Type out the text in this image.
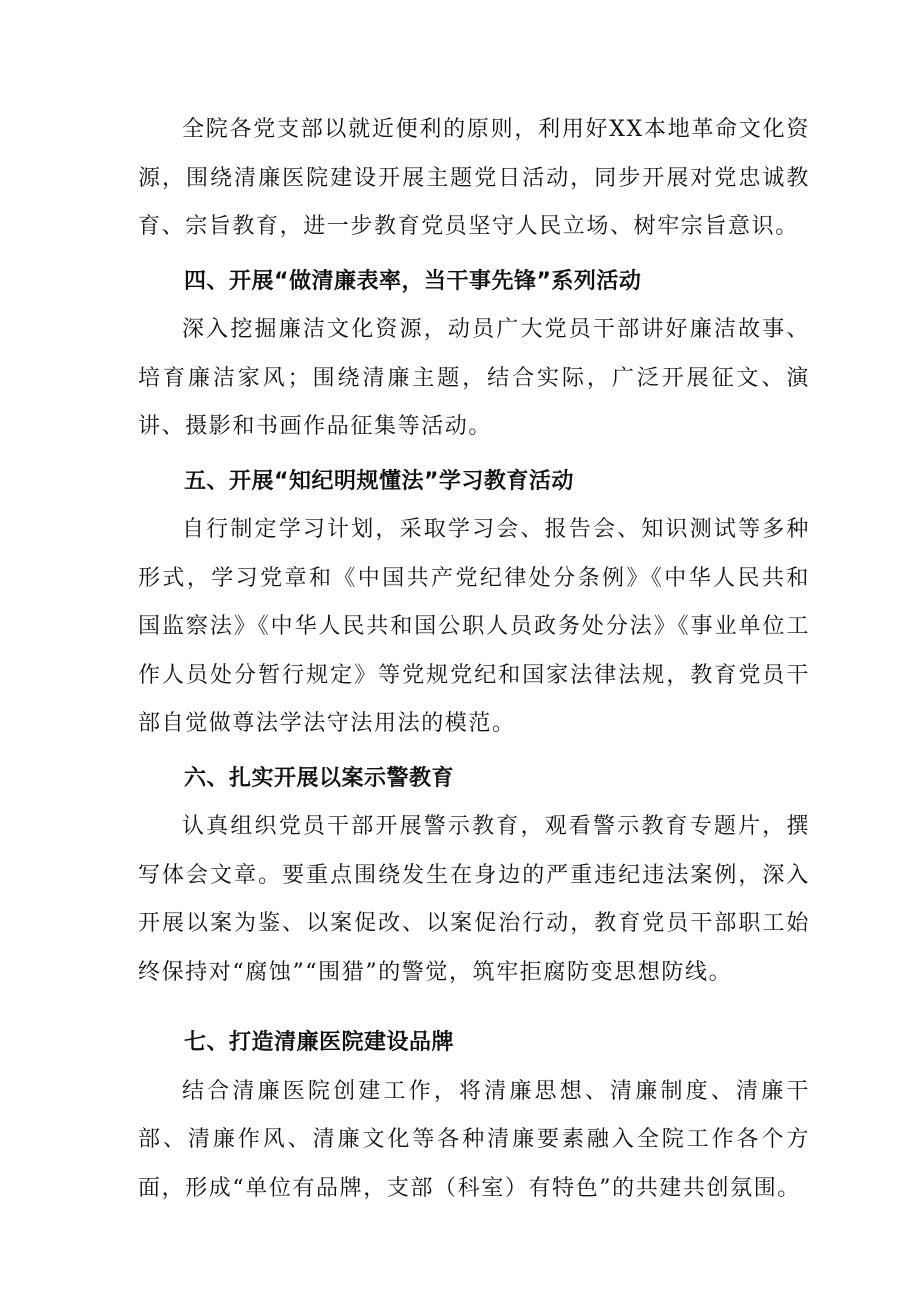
全院各党支部以就近便利的原则，利用好XX本地革命文化资源，围绕清廉医院建设开展主题党日活动，同步开展对党忠诚教育、宗旨教育，进一步教育党员坚守人民立场、树牢宗旨意识。

四、开展“做清廉表率，当干事先锋”系列活动

深入挖掘廉洁文化资源，动员广大党员干部讲好廉洁故事、培育廉洁家风；围绕清廉主题，结合实际，广泛开展征文、演讲、摄影和书画作品征集等活动。

五、开展“知纪明规懂法”学习教育活动

自行制定学习计划，采取学习会、报告会、知识测试等多种形式，学习党章和《中国共产党纪律处分条例》《中华人民共和国监察法》《中华人民共和国公职人员政务处分法》《事业单位工作人员处分暂行规定》等党规党纪和国家法律法规，教育党员干部自觉做尊法学法守法用法的模范。

六、扎实开展以案示警教育

认真组织党员干部开展警示教育，观看警示教育专题片，撰写体会文章。要重点围绕发生在身边的严重违纪违法案例，深入开展以案为鉴、以案促改、以案促治行动，教育党员干部职工始终保持对“腐蚀”“围猎”的警觉，筑牢拒腐防变思想防线。

七、打造清廉医院建设品牌

结合清廉医院创建工作，将清廉思想、清廉制度、清廉干部、清廉作风、清廉文化等各种清廉要素融入全院工作各个方面，形成“单位有品牌，支部（科室）有特色”的共建共创氛围。
